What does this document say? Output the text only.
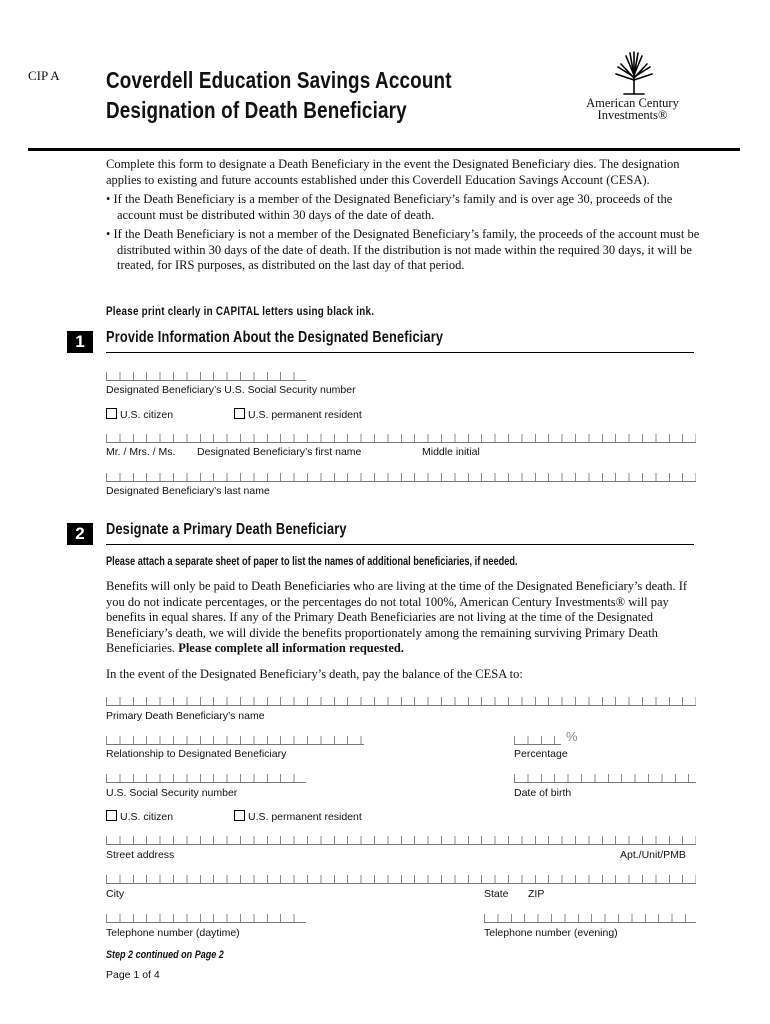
CIP A Coverdell Education Savings Account
Designation of Death Beneficiary	American Century
Investments®

Complete this form to designate a Death Beneficiary in the event the Designated Beneficiary dies. The designation applies to existing and future accounts established under this Coverdell Education Savings Account (CESA).

• If the Death Beneficiary is a member of the Designated Beneficiary’s family and is over age 30, proceeds of the account must be distributed within 30 days of the date of death.

• If the Death Beneficiary is not a member of the Designated Beneficiary’s family, the proceeds of the account must be distributed within 30 days of the date of death. If the distribution is not made within the required 30 days, it will be treated, for IRS purposes, as distributed on the last day of that period.

Please print clearly in CAPITAL letters using black ink.
1	Provide Information About the Designated Beneficiary
Designated Beneficiary’s U.S. Social Security number
U.S. citizen	U.S. permanent resident
Mr. / Mrs. / Ms. Designated Beneficiary’s first name	Middle initial
Designated Beneficiary’s last name
2	Designate a Primary Death Beneficiary
Please attach a separate sheet of paper to list the names of additional beneficiaries, if needed.
Benefits will only be paid to Death Beneficiaries who are living at the time of the Designated Beneficiary’s death. If you do not indicate percentages, or the percentages do not total 100%, American Century Investments® will pay benefits in equal shares. If any of the Primary Death Beneficiaries are not living at the time of the Designated Beneficiary’s death, we will divide the benefits proportionately among the remaining surviving Primary Death Beneficiaries. Please complete all information requested.
In the event of the Designated Beneficiary’s death, pay the balance of the CESA to:
Primary Death Beneficiary’s name
%
Relationship to Designated Beneficiary	Percentage
U.S. Social Security number	Date of birth
U.S. citizen	U.S. permanent resident
Street address	Apt./Unit/PMB
City	State ZIP
Telephone number (daytime)	Telephone number (evening)
Step 2 continued on Page 2
Page 1 of 4
